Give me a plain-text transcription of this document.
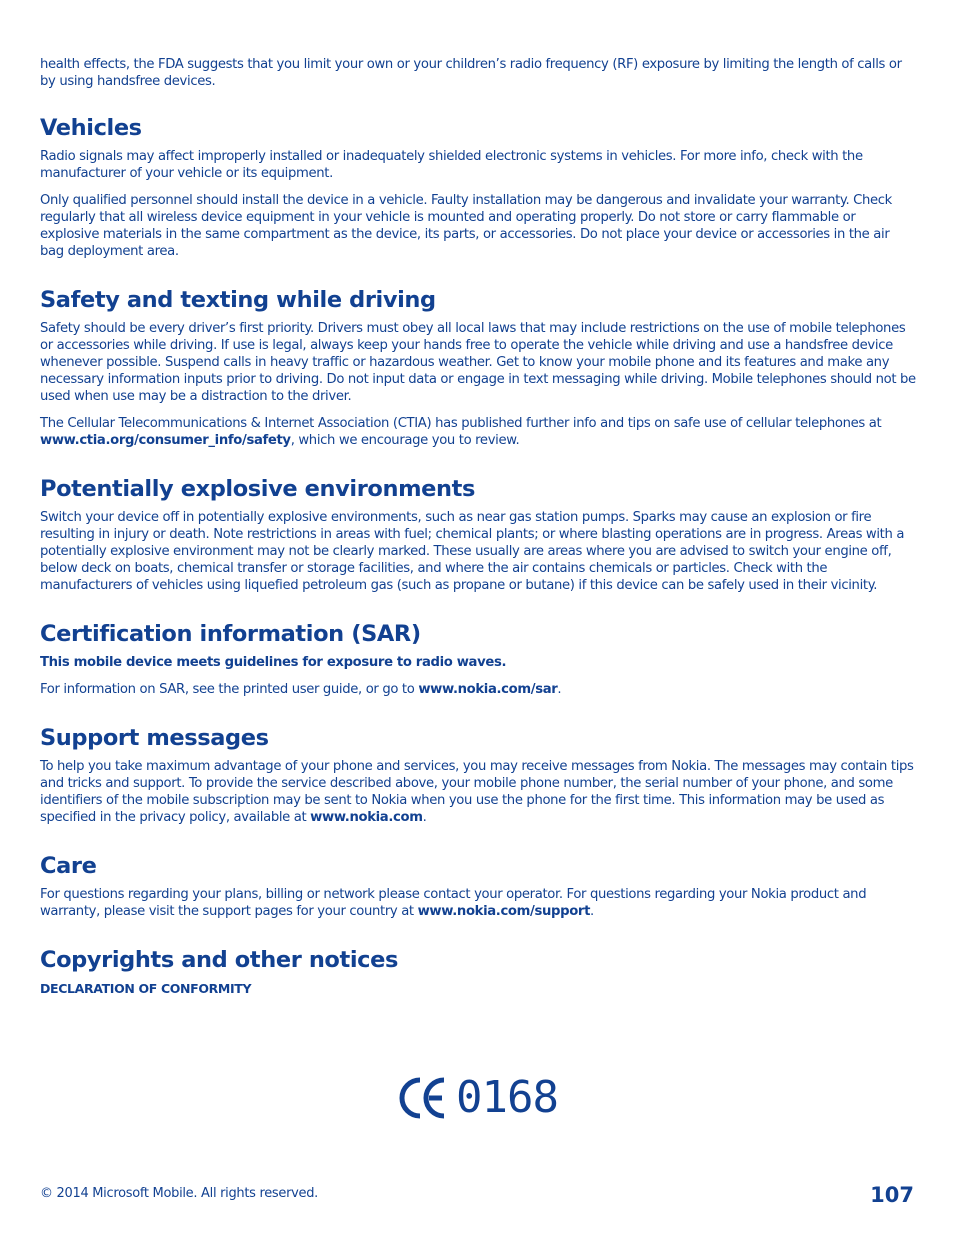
health effects, the FDA suggests that you limit your own or your children’s radio frequency (RF) exposure by limiting the length of calls or by using handsfree devices.

Vehicles

Radio signals may affect improperly installed or inadequately shielded electronic systems in vehicles. For more info, check with the manufacturer of your vehicle or its equipment.

Only qualified personnel should install the device in a vehicle. Faulty installation may be dangerous and invalidate your warranty. Check regularly that all wireless device equipment in your vehicle is mounted and operating properly. Do not store or carry flammable or explosive materials in the same compartment as the device, its parts, or accessories. Do not place your device or accessories in the air bag deployment area.

Safety and texting while driving

Safety should be every driver’s first priority. Drivers must obey all local laws that may include restrictions on the use of mobile telephones or accessories while driving. If use is legal, always keep your hands free to operate the vehicle while driving and use a handsfree device whenever possible. Suspend calls in heavy traffic or hazardous weather. Get to know your mobile phone and its features and make any necessary information inputs prior to driving. Do not input data or engage in text messaging while driving. Mobile telephones should not be used when use may be a distraction to the driver.

The Cellular Telecommunications & Internet Association (CTIA) has published further info and tips on safe use of cellular telephones at www.ctia.org/consumer_info/safety, which we encourage you to review.

Potentially explosive environments

Switch your device off in potentially explosive environments, such as near gas station pumps. Sparks may cause an explosion or fire resulting in injury or death. Note restrictions in areas with fuel; chemical plants; or where blasting operations are in progress. Areas with a potentially explosive environment may not be clearly marked. These usually are areas where you are advised to switch your engine off, below deck on boats, chemical transfer or storage facilities, and where the air contains chemicals or particles. Check with the manufacturers of vehicles using liquefied petroleum gas (such as propane or butane) if this device can be safely used in their vicinity.

Certification information (SAR)

This mobile device meets guidelines for exposure to radio waves.

For information on SAR, see the printed user guide, or go to www.nokia.com/sar.

Support messages

To help you take maximum advantage of your phone and services, you may receive messages from Nokia. The messages may contain tips and tricks and support. To provide the service described above, your mobile phone number, the serial number of your phone, and some identifiers of the mobile subscription may be sent to Nokia when you use the phone for the first time. This information may be used as specified in the privacy policy, available at www.nokia.com.

Care

For questions regarding your plans, billing or network please contact your operator. For questions regarding your Nokia product and warranty, please visit the support pages for your country at www.nokia.com/support.

Copyrights and other notices

DECLARATION OF CONFORMITY

0168
© 2014 Microsoft Mobile. All rights reserved.	107
